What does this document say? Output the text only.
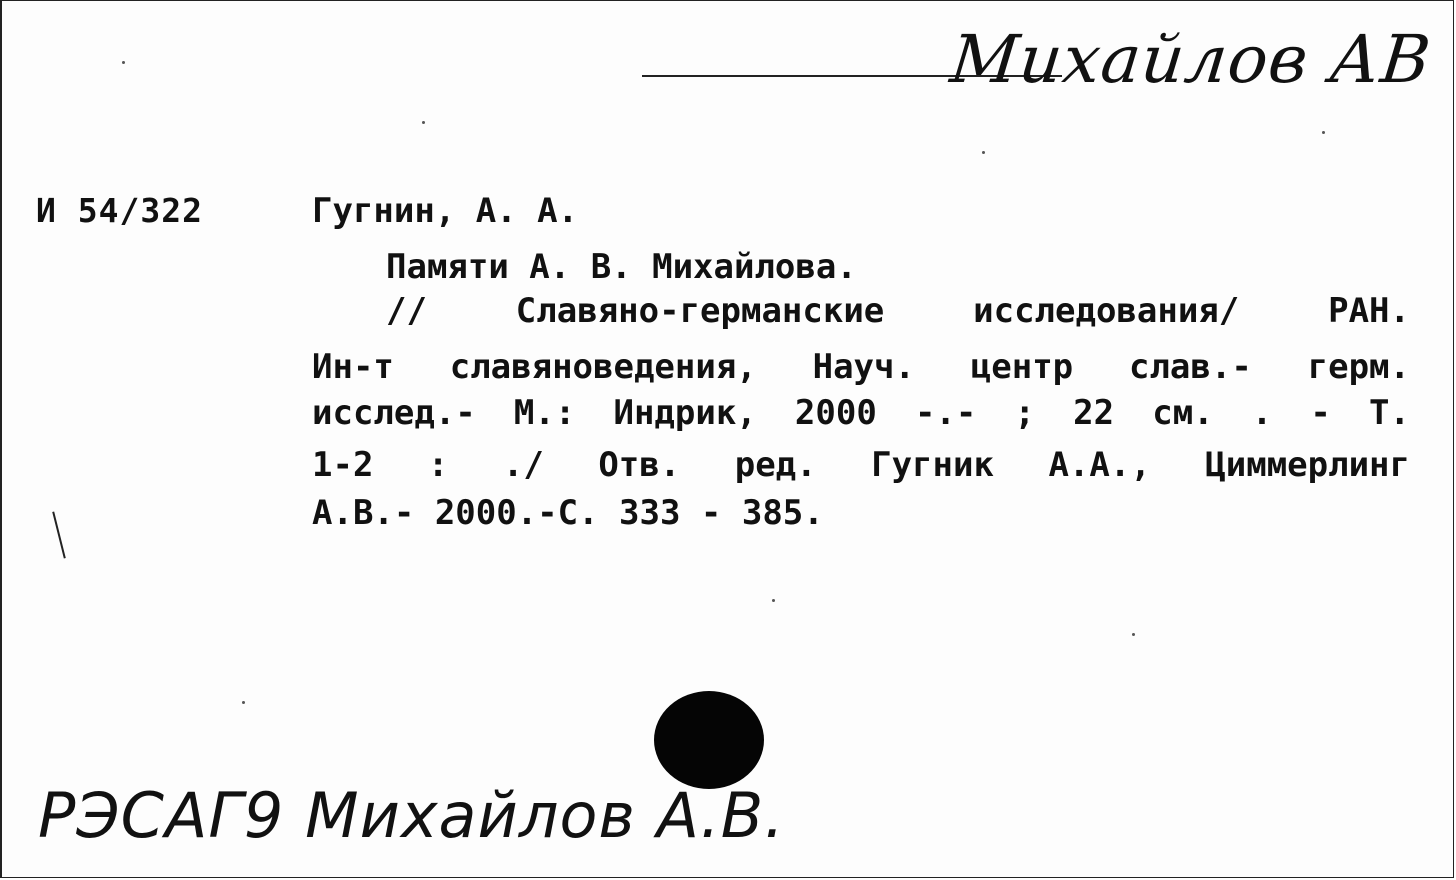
Михайлов АВ
И 54/322	Гугнин, А. А.
Памяти А. В. Михайлова.
// Славяно-германские исследования/ РАН.
Ин-т славяноведения, Науч. центр слав.- герм.
исслед.- М.: Индрик, 2000 -.- ; 22 см. . - Т.
1-2 : ./ Отв. ред. Гугник А.А., Циммерлинг
А.В.- 2000.-С. 333 - 385.
РЭСАГ9 Михайлов А.В.
